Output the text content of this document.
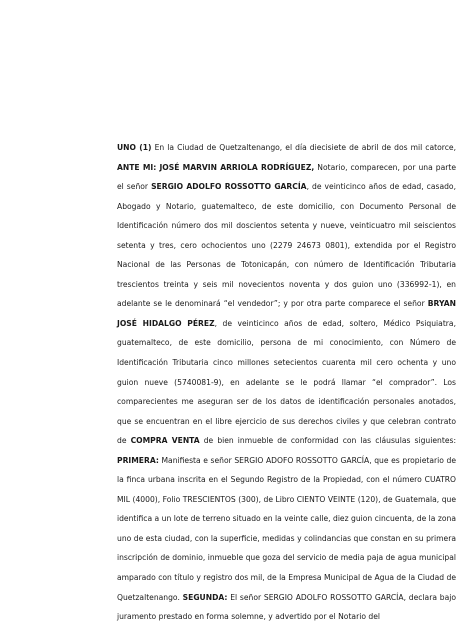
UNO (1) En la Ciudad de Quetzaltenango, el día diecisiete de abril de dos mil catorce, ANTE MI: JOSÉ MARVIN ARRIOLA RODRÍGUEZ, Notario, comparecen, por una parte el señor SERGIO ADOLFO ROSSOTTO GARCÍA, de veinticinco años de edad, casado, Abogado y Notario, guatemalteco, de este domicilio, con Documento Personal de Identificación número dos mil doscientos setenta y nueve, veinticuatro mil seiscientos setenta y tres, cero ochocientos uno (2279 24673 0801), extendida por el Registro Nacional de las Personas de Totonicapán, con número de Identificación Tributaria trescientos treinta y seis mil novecientos noventa y dos guion uno (336992-1), en adelante se le denominará “el vendedor”; y por otra parte comparece el señor BRYAN JOSÉ HIDALGO PÉREZ, de veinticinco años de edad, soltero, Médico Psiquiatra, guatemalteco, de este domicilio, persona de mi conocimiento, con Número de Identificación Tributaria cinco millones setecientos cuarenta mil cero ochenta y uno guion nueve (5740081-9), en adelante se le podrá llamar “el comprador”. Los comparecientes me aseguran ser de los datos de identificación personales anotados, que se encuentran en el libre ejercicio de sus derechos civiles y que celebran contrato de COMPRA VENTA de bien inmueble de conformidad con las cláusulas siguientes: PRIMERA: Manifiesta e señor SERGIO ADOFO ROSSOTTO GARCÍA, que es propietario de la finca urbana inscrita en el Segundo Registro de la Propiedad, con el número CUATRO MIL (4000), Folio TRESCIENTOS (300), de Libro CIENTO VEINTE (120), de Guatemala, que identifica a un lote de terreno situado en la veinte calle, diez guion cincuenta, de la zona uno de esta ciudad, con la superficie, medidas y colindancias que constan en su primera inscripción de dominio, inmueble que goza del servicio de media paja de agua municipal amparado con título y registro dos mil, de la Empresa Municipal de Agua de la Ciudad de Quetzaltenango. SEGUNDA: El señor SERGIO ADOLFO ROSSOTTO GARCÍA, declara bajo juramento prestado en forma solemne, y advertido por el Notario del
